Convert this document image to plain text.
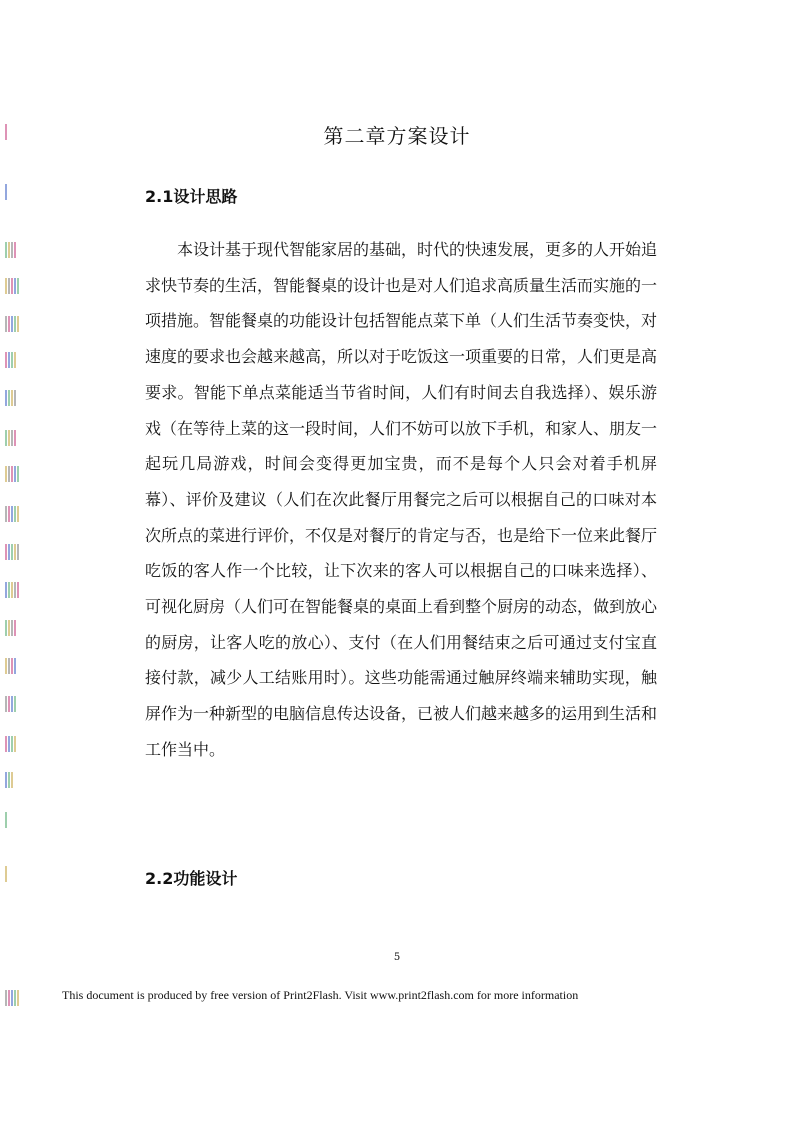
第二章方案设计
2.1设计思路

本设计基于现代智能家居的基础，时代的快速发展，更多的人开始追求快节奏的生活，智能餐桌的设计也是对人们追求高质量生活而实施的一项措施。智能餐桌的功能设计包括智能点菜下单（人们生活节奏变快，对速度的要求也会越来越高，所以对于吃饭这一项重要的日常，人们更是高要求。智能下单点菜能适当节省时间，人们有时间去自我选择）、娱乐游戏（在等待上菜的这一段时间，人们不妨可以放下手机，和家人、朋友一起玩几局游戏，时间会变得更加宝贵，而不是每个人只会对着手机屏幕）、评价及建议（人们在次此餐厅用餐完之后可以根据自己的口味对本次所点的菜进行评价，不仅是对餐厅的肯定与否，也是给下一位来此餐厅吃饭的客人作一个比较，让下次来的客人可以根据自己的口味来选择）、可视化厨房（人们可在智能餐桌的桌面上看到整个厨房的动态，做到放心的厨房，让客人吃的放心）、支付（在人们用餐结束之后可通过支付宝直接付款，减少人工结账用时）。这些功能需通过触屏终端来辅助实现，触屏作为一种新型的电脑信息传达设备，已被人们越来越多的运用到生活和工作当中。

2.2功能设计
5
This document is produced by free version of Print2Flash. Visit www.print2flash.com for more information
